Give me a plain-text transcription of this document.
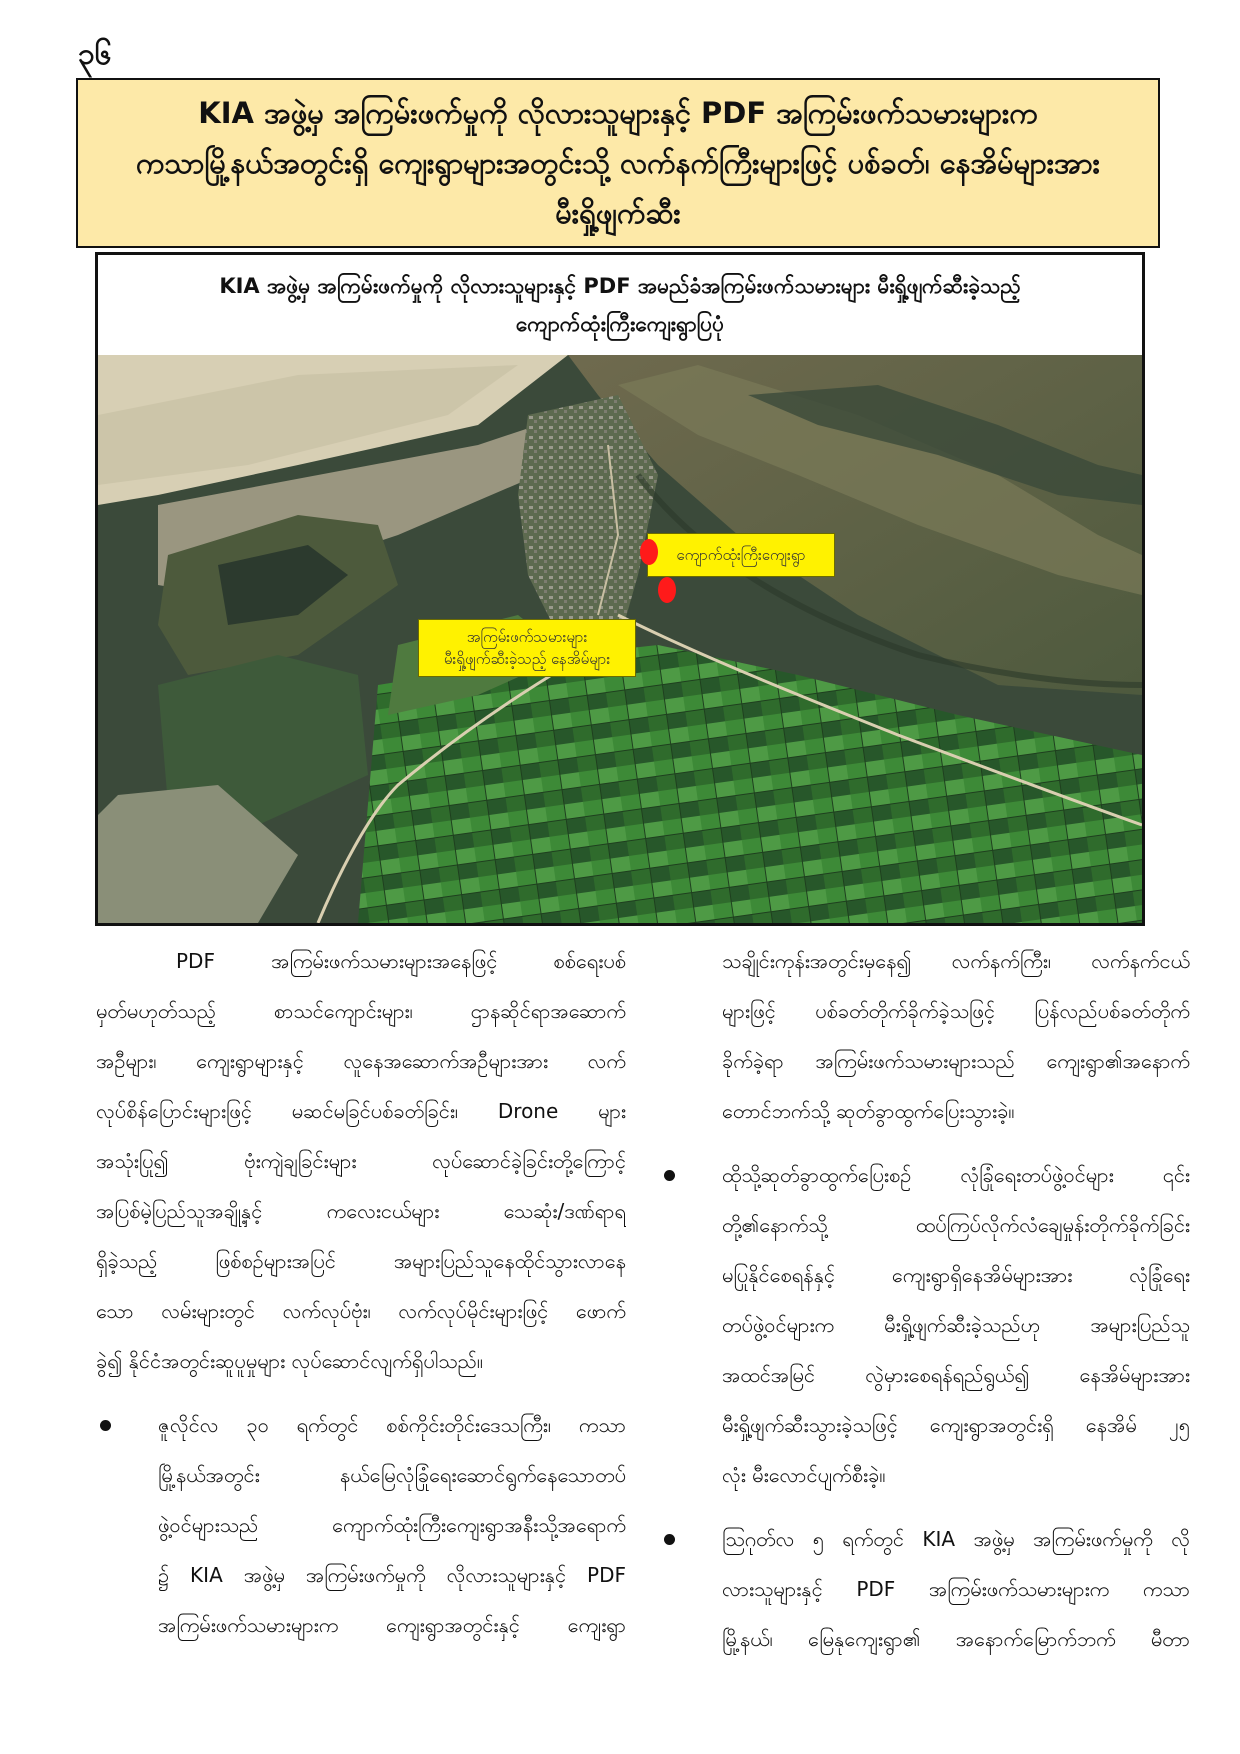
၃၆
KIA အဖွဲ့မှ အကြမ်းဖက်မှုကို လိုလားသူများနှင့် PDF အကြမ်းဖက်သမားများက
ကသာမြို့နယ်အတွင်းရှိ ကျေးရွာများအတွင်းသို့ လက်နက်ကြီးများဖြင့် ပစ်ခတ်၊ နေအိမ်များအား
မီးရှို့ဖျက်ဆီး
KIA အဖွဲ့မှ အကြမ်းဖက်မှုကို လိုလားသူများနှင့် PDF အမည်ခံအကြမ်းဖက်သမားများ မီးရှို့ဖျက်ဆီးခဲ့သည့်
ကျောက်ထုံးကြီးကျေးရွာပြပုံ
ကျောက်ထုံးကြီးကျေးရွာ
အကြမ်းဖက်သမားများ
မီးရှို့ဖျက်ဆီးခဲ့သည့် နေအိမ်များ
PDF အကြမ်းဖက်သမားများအနေဖြင့် စစ်ရေးပစ်
မှတ်မဟုတ်သည့် စာသင်ကျောင်းများ၊ ဌာနဆိုင်ရာအဆောက်
အဦများ၊ ကျေးရွာများနှင့် လူနေအဆောက်အဦများအား လက်
လုပ်စိန်ပြောင်းများဖြင့် မဆင်မခြင်ပစ်ခတ်ခြင်း၊ Drone များ
အသုံးပြု၍ ဗုံးကျဲချခြင်းများ လုပ်ဆောင်ခဲ့ခြင်းတို့ကြောင့်
အပြစ်မဲ့ပြည်သူအချို့နှင့် ကလေးငယ်များ သေဆုံး/ဒဏ်ရာရ
ရှိခဲ့သည့် ဖြစ်စဉ်များအပြင် အများပြည်သူနေထိုင်သွားလာနေ
သော လမ်းများတွင် လက်လုပ်ဗုံး၊ လက်လုပ်မိုင်းများဖြင့် ဖောက်
ခွဲ၍ နိုင်ငံအတွင်းဆူပူမှုများ လုပ်ဆောင်လျက်ရှိပါသည်။
ဇူလိုင်လ ၃၀ ရက်တွင် စစ်ကိုင်းတိုင်းဒေသကြီး၊ ကသာ
မြို့နယ်အတွင်း နယ်မြေလုံခြုံရေးဆောင်ရွက်နေသောတပ်
ဖွဲ့ဝင်များသည် ကျောက်ထုံးကြီးကျေးရွာအနီးသို့အရောက်
၌ KIA အဖွဲ့မှ အကြမ်းဖက်မှုကို လိုလားသူများနှင့် PDF
အကြမ်းဖက်သမားများက ကျေးရွာအတွင်းနှင့် ကျေးရွာ
သချိုင်းကုန်းအတွင်းမှနေ၍ လက်နက်ကြီး၊ လက်နက်ငယ်
များဖြင့် ပစ်ခတ်တိုက်ခိုက်ခဲ့သဖြင့် ပြန်လည်ပစ်ခတ်တိုက်
ခိုက်ခဲ့ရာ အကြမ်းဖက်သမားများသည် ကျေးရွာ၏အနောက်
တောင်ဘက်သို့ ဆုတ်ခွာထွက်ပြေးသွားခဲ့။
ထိုသို့ဆုတ်ခွာထွက်ပြေးစဉ် လုံခြုံရေးတပ်ဖွဲ့ဝင်များ ၎င်း
တို့၏နောက်သို့ ထပ်ကြပ်လိုက်လံချေမှုန်းတိုက်ခိုက်ခြင်း
မပြုနိုင်စေရန်နှင့် ကျေးရွာရှိနေအိမ်များအား လုံခြုံရေး
တပ်ဖွဲ့ဝင်များက မီးရှို့ဖျက်ဆီးခဲ့သည်ဟု အများပြည်သူ
အထင်အမြင် လွဲမှားစေရန်ရည်ရွယ်၍ နေအိမ်များအား
မီးရှို့ဖျက်ဆီးသွားခဲ့သဖြင့် ကျေးရွာအတွင်းရှိ နေအိမ် ၂၅
လုံး မီးလောင်ပျက်စီးခဲ့။
ဩဂုတ်လ ၅ ရက်တွင် KIA အဖွဲ့မှ အကြမ်းဖက်မှုကို လို
လားသူများနှင့် PDF အကြမ်းဖက်သမားများက ကသာ
မြို့နယ်၊ မြေနုကျေးရွာ၏ အနောက်မြောက်ဘက် မီတာ
